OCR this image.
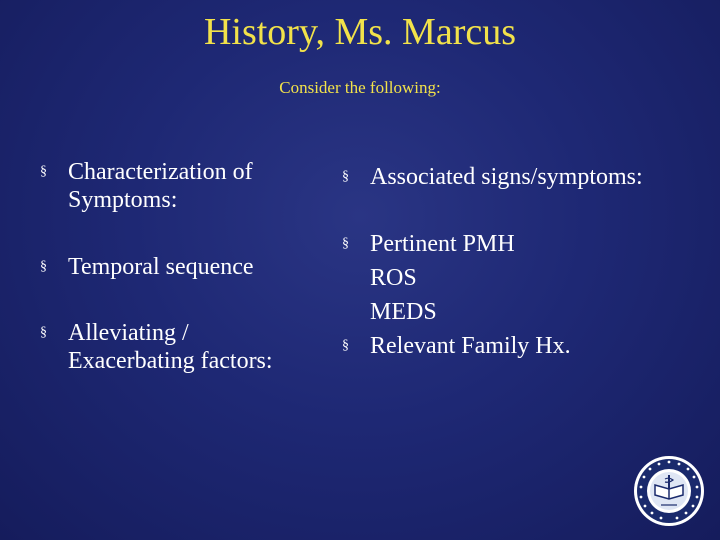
History, Ms. Marcus
Consider the following:
§ Characterization of
Symptoms:
§ Temporal sequence
§ Alleviating /
Exacerbating factors:
§ Associated signs/symptoms:
§ Pertinent PMH
ROS
MEDS
§ Relevant Family Hx.
